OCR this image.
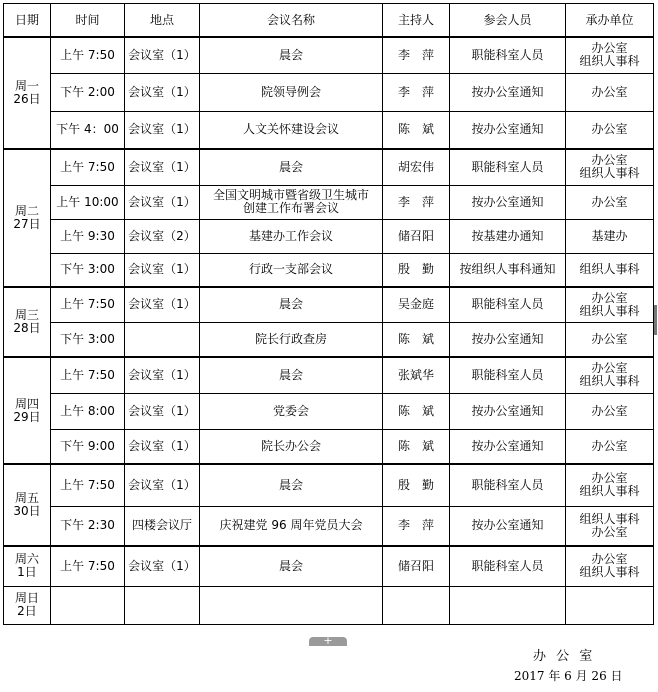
日期	时间	地点	会议名称	主持人	参会人员	承办单位
周一
26日	上午 7:50	会议室（1）	晨会	李　萍	职能科室人员	办公室
组织人事科
	下午 2:00	会议室（1）	院领导例会	李　萍	按办公室通知	办公室
	下午 4：00	会议室（1）	人文关怀建设会议	陈　斌	按办公室通知	办公室
周二
27日	上午 7:50	会议室（1）	晨会	胡宏伟	职能科室人员	办公室
组织人事科
	上午 10:00	会议室（1）	全国文明城市暨省级卫生城市
创建工作布署会议	李　萍	按办公室通知	办公室
	上午 9:30	会议室（2）	基建办工作会议	储召阳	按基建办通知	基建办
	下午 3:00	会议室（1）	行政一支部会议	殷　勤	按组织人事科通知	组织人事科
周三
28日	上午 7:50	会议室（1）	晨会	吴金庭	职能科室人员	办公室
组织人事科
	下午 3:00		院长行政查房	陈　斌	按办公室通知	办公室
周四
29日	上午 7:50	会议室（1）	晨会	张斌华	职能科室人员	办公室
组织人事科
	上午 8:00	会议室（1）	党委会	陈　斌	按办公室通知	办公室
	下午 9:00	会议室（1）	院长办公会	陈　斌	按办公室通知	办公室
周五
30日	上午 7:50	会议室（1）	晨会	殷　勤	职能科室人员	办公室
组织人事科
	下午 2:30	四楼会议厅	庆祝建党 96 周年党员大会	李　萍	按办公室通知	组织人事科
办公室
周六
1日	上午 7:50	会议室（1）	晨会	储召阳	职能科室人员	办公室
组织人事科
周日
2日						
+
办 公 室
2017 年 6 月 26 日
